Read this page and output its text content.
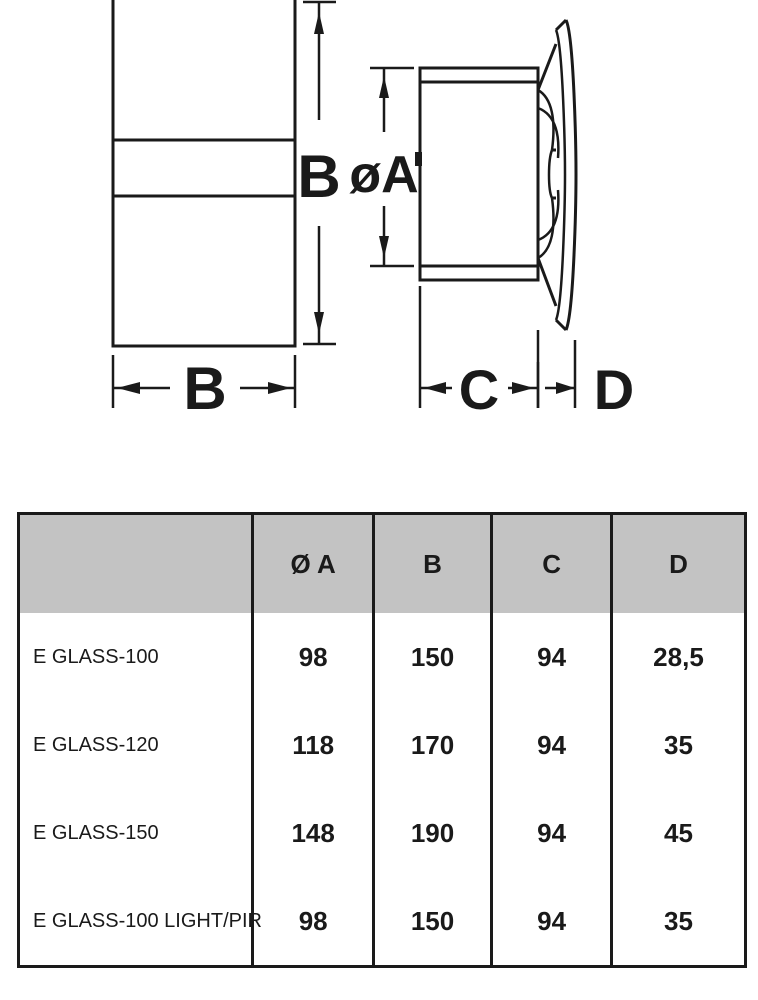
B
B
øA
C D
	Ø A	B	C	D
E GLASS-100	98	150	94	28,5
E GLASS-120	118	170	94	35
E GLASS-150	148	190	94	45
E GLASS-100 LIGHT/PIR	98	150	94	35
